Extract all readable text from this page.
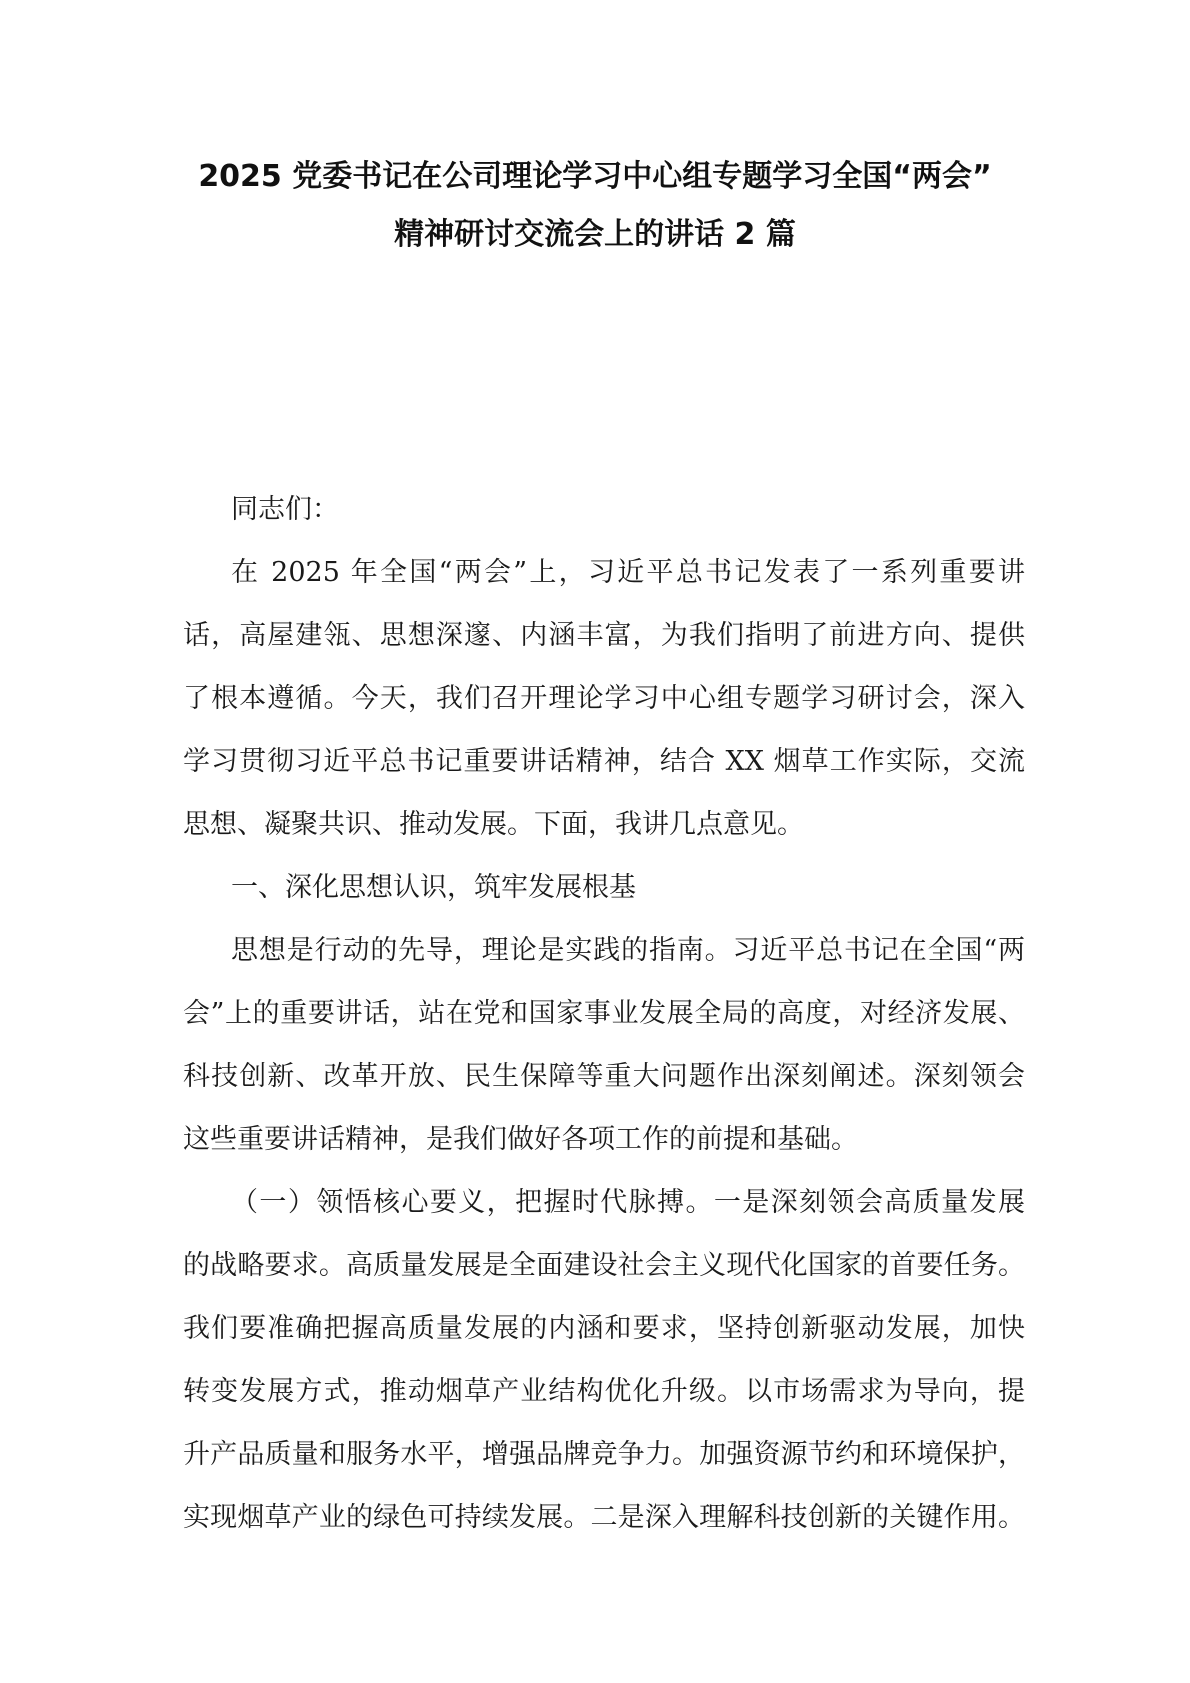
2025 党委书记在公司理论学习中心组专题学习全国“两会”
精神研讨交流会上的讲话 2 篇
同志们：
在 2025 年全国“两会”上，习近平总书记发表了一系列重要讲
话，高屋建瓴、思想深邃、内涵丰富，为我们指明了前进方向、提供
了根本遵循。今天，我们召开理论学习中心组专题学习研讨会，深入
学习贯彻习近平总书记重要讲话精神，结合 XX 烟草工作实际，交流
思想、凝聚共识、推动发展。下面，我讲几点意见。
一、深化思想认识，筑牢发展根基
思想是行动的先导，理论是实践的指南。习近平总书记在全国“两
会”上的重要讲话，站在党和国家事业发展全局的高度，对经济发展、
科技创新、改革开放、民生保障等重大问题作出深刻阐述。深刻领会
这些重要讲话精神，是我们做好各项工作的前提和基础。
（一）领悟核心要义，把握时代脉搏。一是深刻领会高质量发展
的战略要求。高质量发展是全面建设社会主义现代化国家的首要任务。
我们要准确把握高质量发展的内涵和要求，坚持创新驱动发展，加快
转变发展方式，推动烟草产业结构优化升级。以市场需求为导向，提
升产品质量和服务水平，增强品牌竞争力。加强资源节约和环境保护，
实现烟草产业的绿色可持续发展。二是深入理解科技创新的关键作用。
